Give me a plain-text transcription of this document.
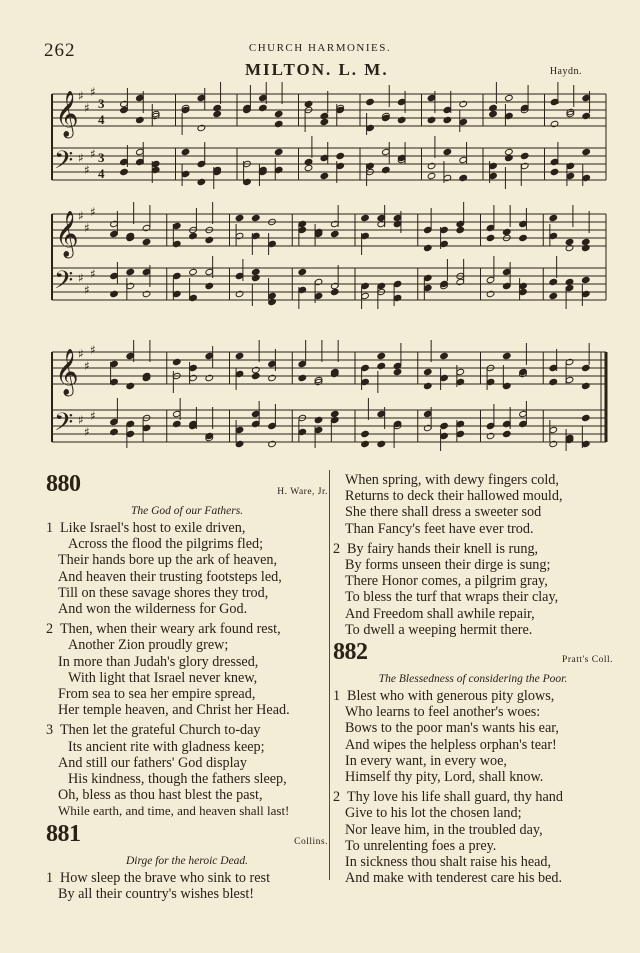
262	CHURCH HARMONIES.
MILTON. L. M.	Haydn.
𝄞 ♯
♯
♯
3
4
𝄢 ♯
♯
♯ 3
4
𝄞 ♯
♯
♯
𝄢 ♯
♯
♯
𝄞 ♯
♯
♯
𝄢 ♯
♯
♯
880	H. Ware, Jr.
The God of our Fathers.
1 Like Israel's host to exile driven,
Across the flood the pilgrims fled;
Their hands bore up the ark of heaven,
And heaven their trusting footsteps led,
Till on these savage shores they trod,
And won the wilderness for God.
2 Then, when their weary ark found rest,
Another Zion proudly grew;
In more than Judah's glory dressed,
With light that Israel never knew,
From sea to sea her empire spread,
Her temple heaven, and Christ her Head.
3 Then let the grateful Church to-day
Its ancient rite with gladness keep;
And still our fathers' God display
His kindness, though the fathers sleep,
Oh, bless as thou hast blest the past,
While earth, and time, and heaven shall last!
881	Collins.
Dirge for the heroic Dead.
1 How sleep the brave who sink to rest
By all their country's wishes blest!
When spring, with dewy fingers cold,
Returns to deck their hallowed mould,
She there shall dress a sweeter sod
Than Fancy's feet have ever trod.
2 By fairy hands their knell is rung,
By forms unseen their dirge is sung;
There Honor comes, a pilgrim gray,
To bless the turf that wraps their clay,
And Freedom shall awhile repair,
To dwell a weeping hermit there.
882	Pratt's Coll.
The Blessedness of considering the Poor.
1 Blest who with generous pity glows,
Who learns to feel another's woes:
Bows to the poor man's wants his ear,
And wipes the helpless orphan's tear!
In every want, in every woe,
Himself thy pity, Lord, shall know.
2 Thy love his life shall guard, thy hand
Give to his lot the chosen land;
Nor leave him, in the troubled day,
To unrelenting foes a prey.
In sickness thou shalt raise his head,
And make with tenderest care his bed.
